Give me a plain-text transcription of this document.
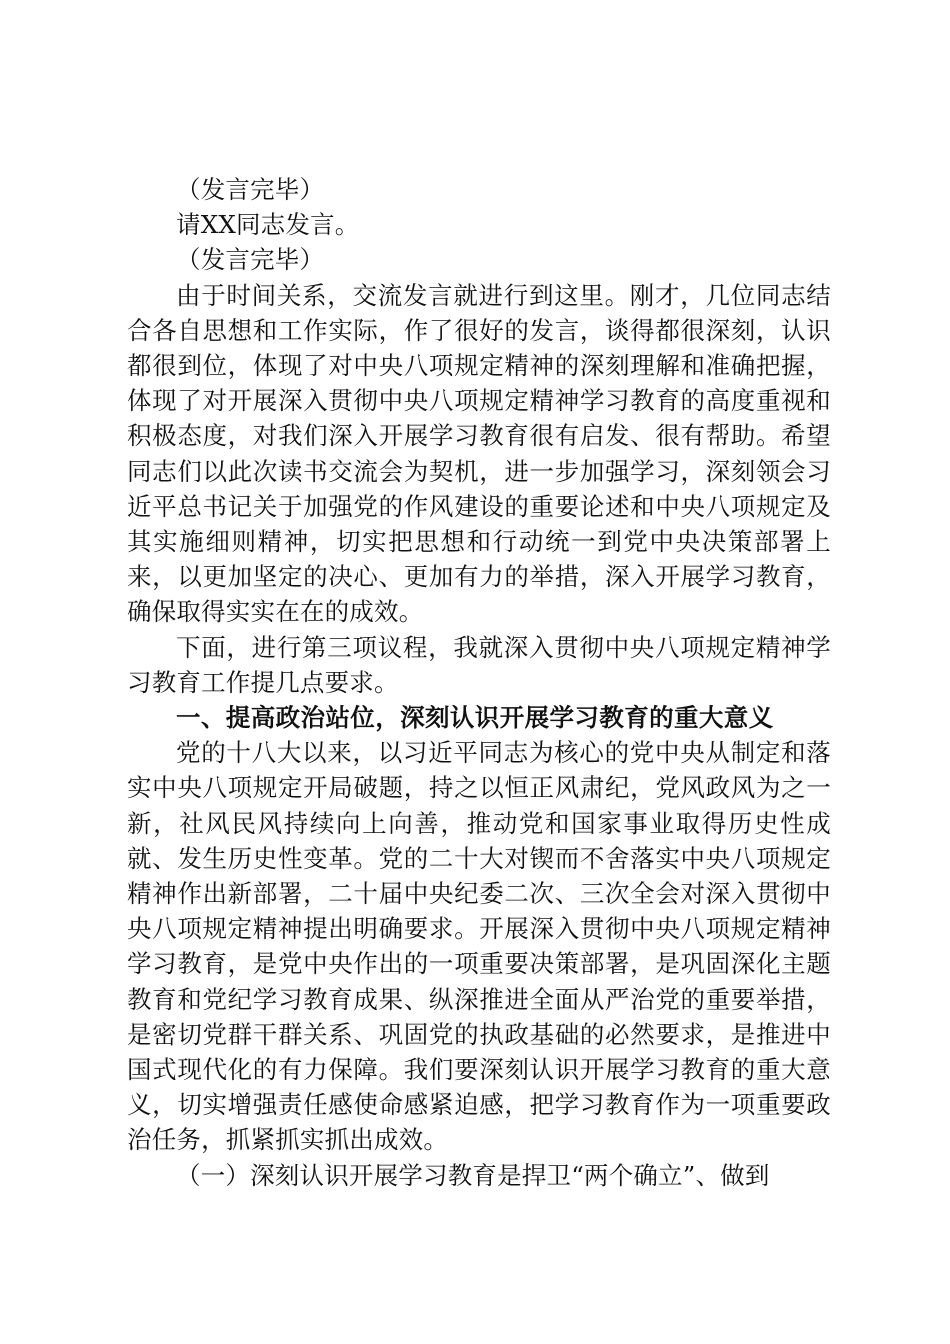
（发言完毕）

请XX同志发言。

（发言完毕）

由于时间关系，交流发言就进行到这里。刚才，几位同志结合各自思想和工作实际，作了很好的发言，谈得都很深刻，认识都很到位，体现了对中央八项规定精神的深刻理解和准确把握，体现了对开展深入贯彻中央八项规定精神学习教育的高度重视和积极态度，对我们深入开展学习教育很有启发、很有帮助。希望同志们以此次读书交流会为契机，进一步加强学习，深刻领会习近平总书记关于加强党的作风建设的重要论述和中央八项规定及其实施细则精神，切实把思想和行动统一到党中央决策部署上来，以更加坚定的决心、更加有力的举措，深入开展学习教育，确保取得实实在在的成效。

下面，进行第三项议程，我就深入贯彻中央八项规定精神学习教育工作提几点要求。

一、提高政治站位，深刻认识开展学习教育的重大意义

党的十八大以来，以习近平同志为核心的党中央从制定和落实中央八项规定开局破题，持之以恒正风肃纪，党风政风为之一新，社风民风持续向上向善，推动党和国家事业取得历史性成就、发生历史性变革。党的二十大对锲而不舍落实中央八项规定精神作出新部署，二十届中央纪委二次、三次全会对深入贯彻中央八项规定精神提出明确要求。开展深入贯彻中央八项规定精神学习教育，是党中央作出的一项重要决策部署，是巩固深化主题教育和党纪学习教育成果、纵深推进全面从严治党的重要举措，是密切党群干群关系、巩固党的执政基础的必然要求，是推进中国式现代化的有力保障。我们要深刻认识开展学习教育的重大意义，切实增强责任感使命感紧迫感，把学习教育作为一项重要政治任务，抓紧抓实抓出成效。

（一）深刻认识开展学习教育是捍卫“两个确立”、做到
